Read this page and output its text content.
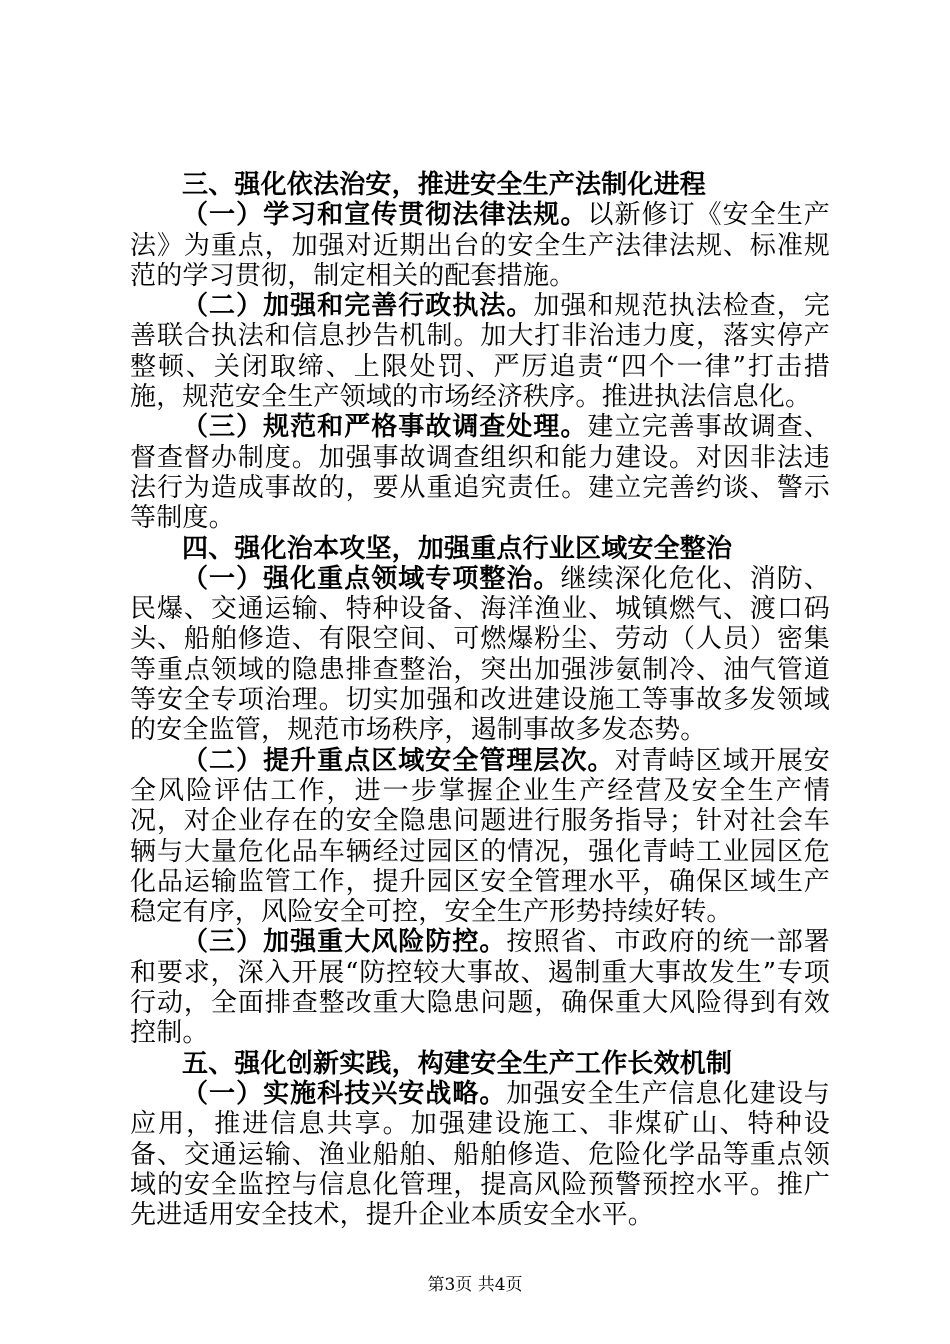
三、强化依法治安，推进安全生产法制化进程

（一）学习和宣传贯彻法律法规。以新修订《安全生产法》为重点，加强对近期出台的安全生产法律法规、标准规范的学习贯彻，制定相关的配套措施。

（二）加强和完善行政执法。加强和规范执法检查，完善联合执法和信息抄告机制。加大打非治违力度，落实停产整顿、关闭取缔、上限处罚、严厉追责“四个一律”打击措施，规范安全生产领域的市场经济秩序。推进执法信息化。

（三）规范和严格事故调查处理。建立完善事故调查、督查督办制度。加强事故调查组织和能力建设。对因非法违法行为造成事故的，要从重追究责任。建立完善约谈、警示等制度。

四、强化治本攻坚，加强重点行业区域安全整治

（一）强化重点领域专项整治。继续深化危化、消防、民爆、交通运输、特种设备、海洋渔业、城镇燃气、渡口码头、船舶修造、有限空间、可燃爆粉尘、劳动（人员）密集等重点领域的隐患排查整治，突出加强涉氨制冷、油气管道等安全专项治理。切实加强和改进建设施工等事故多发领域的安全监管，规范市场秩序，遏制事故多发态势。

（二）提升重点区域安全管理层次。对青峙区域开展安全风险评估工作，进一步掌握企业生产经营及安全生产情况，对企业存在的安全隐患问题进行服务指导；针对社会车辆与大量危化品车辆经过园区的情况，强化青峙工业园区危化品运输监管工作，提升园区安全管理水平，确保区域生产稳定有序，风险安全可控，安全生产形势持续好转。

（三）加强重大风险防控。按照省、市政府的统一部署和要求，深入开展“防控较大事故、遏制重大事故发生”专项行动，全面排查整改重大隐患问题，确保重大风险得到有效控制。

五、强化创新实践，构建安全生产工作长效机制

（一）实施科技兴安战略。加强安全生产信息化建设与应用，推进信息共享。加强建设施工、非煤矿山、特种设备、交通运输、渔业船舶、船舶修造、危险化学品等重点领域的安全监控与信息化管理，提高风险预警预控水平。推广先进适用安全技术，提升企业本质安全水平。

第3页 共4页
